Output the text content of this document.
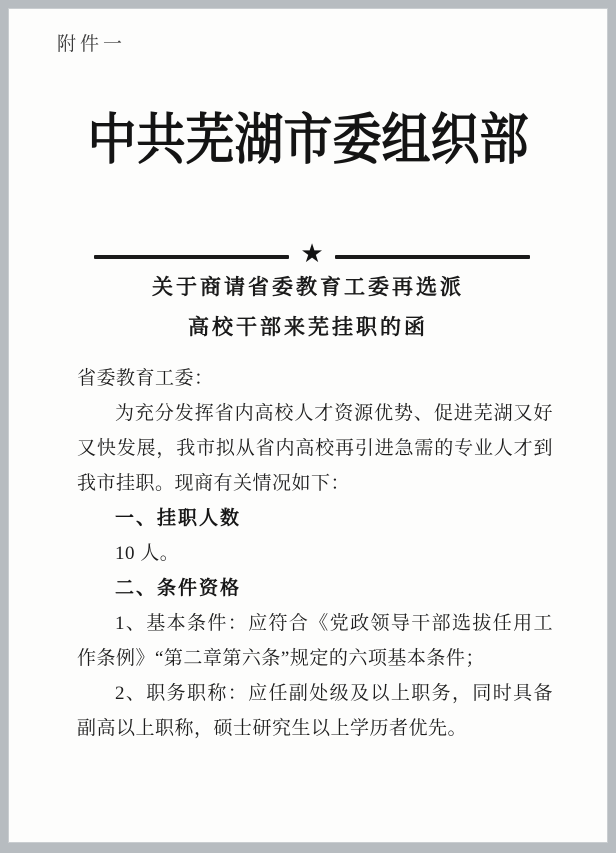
附件一
中共芜湖市委组织部
★
关于商请省委教育工委再选派
高校干部来芜挂职的函

省委教育工委：

为充分发挥省内高校人才资源优势、促进芜湖又好又快发展，我市拟从省内高校再引进急需的专业人才到我市挂职。现商有关情况如下：

一、挂职人数

10 人。

二、条件资格

1、基本条件：应符合《党政领导干部选拔任用工作条例》“第二章第六条”规定的六项基本条件；

2、职务职称：应任副处级及以上职务，同时具备副高以上职称，硕士研究生以上学历者优先。
